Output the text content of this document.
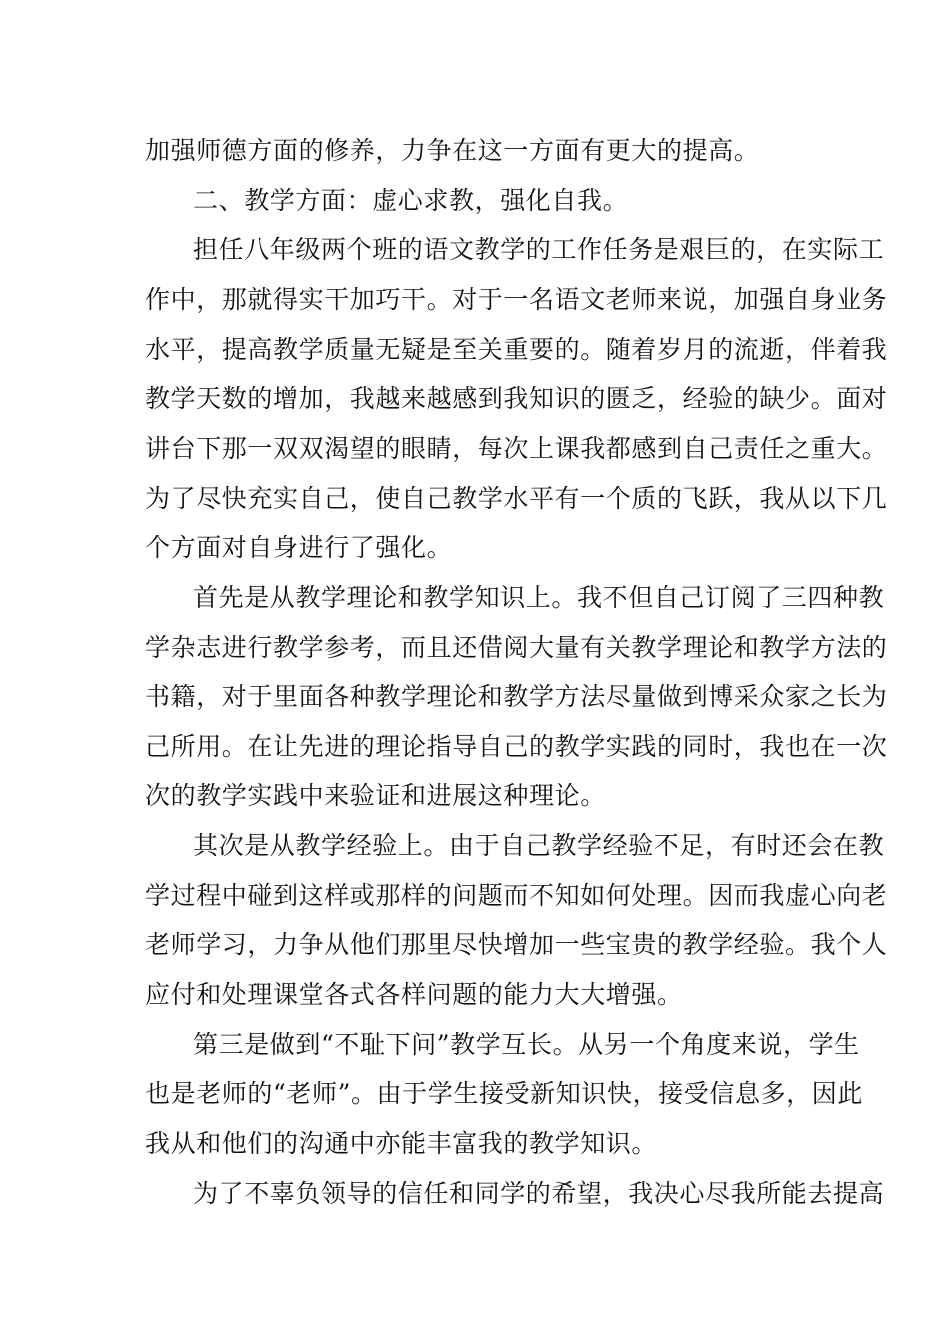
加强师德方面的修养，力争在这一方面有更大的提高。
二、教学方面：虚心求教，强化自我。
担任八年级两个班的语文教学的工作任务是艰巨的，在实际工
作中，那就得实干加巧干。对于一名语文老师来说，加强自身业务
水平，提高教学质量无疑是至关重要的。随着岁月的流逝，伴着我
教学天数的增加，我越来越感到我知识的匮乏，经验的缺少。面对
讲台下那一双双渴望的眼睛，每次上课我都感到自己责任之重大。
为了尽快充实自己，使自己教学水平有一个质的飞跃，我从以下几
个方面对自身进行了强化。
首先是从教学理论和教学知识上。我不但自己订阅了三四种教
学杂志进行教学参考，而且还借阅大量有关教学理论和教学方法的
书籍，对于里面各种教学理论和教学方法尽量做到博采众家之长为
己所用。在让先进的理论指导自己的教学实践的同时，我也在一次
次的教学实践中来验证和进展这种理论。
其次是从教学经验上。由于自己教学经验不足，有时还会在教
学过程中碰到这样或那样的问题而不知如何处理。因而我虚心向老
老师学习，力争从他们那里尽快增加一些宝贵的教学经验。我个人
应付和处理课堂各式各样问题的能力大大增强。
第三是做到“不耻下问”教学互长。从另一个角度来说，学生
也是老师的“老师”。由于学生接受新知识快，接受信息多，因此
我从和他们的沟通中亦能丰富我的教学知识。
为了不辜负领导的信任和同学的希望，我决心尽我所能去提高
